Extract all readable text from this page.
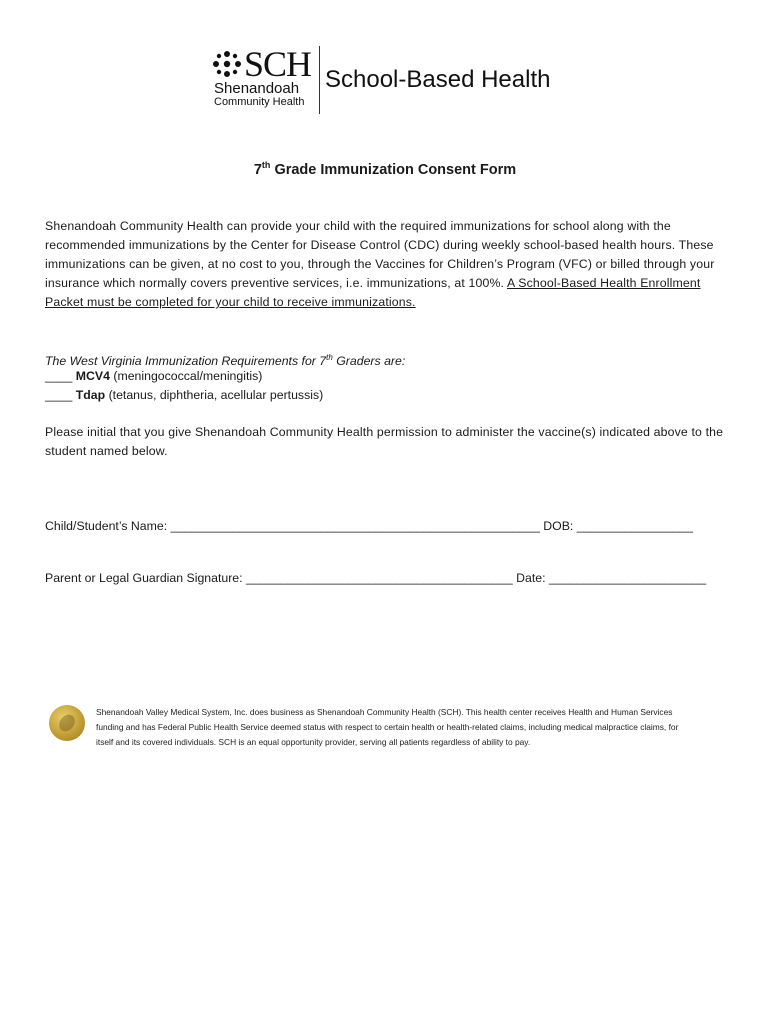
SCH
Shenandoah
Community Health
School-Based Health
7th Grade Immunization Consent Form
Shenandoah Community Health can provide your child with the required immunizations for school along with the recommended immunizations by the Center for Disease Control (CDC) during weekly school-based health hours. These immunizations can be given, at no cost to you, through the Vaccines for Children’s Program (VFC) or billed through your insurance which normally covers preventive services, i.e. immunizations, at 100%. A School-Based Health Enrollment Packet must be completed for your child to receive immunizations.
The West Virginia Immunization Requirements for 7th Graders are:
____ MCV4 (meningococcal/meningitis)
____ Tdap (tetanus, diphtheria, acellular pertussis)
Please initial that you give Shenandoah Community Health permission to administer the vaccine(s) indicated above to the student named below.
Child/Student’s Name: ______________________________________________________ DOB: _________________
Parent or Legal Guardian Signature: _______________________________________ Date: _______________________
Shenandoah Valley Medical System, Inc. does business as Shenandoah Community Health (SCH). This health center receives Health and Human Services funding and has Federal Public Health Service deemed status with respect to certain health or health-related claims, including medical malpractice claims, for itself and its covered individuals. SCH is an equal opportunity provider, serving all patients regardless of ability to pay.
